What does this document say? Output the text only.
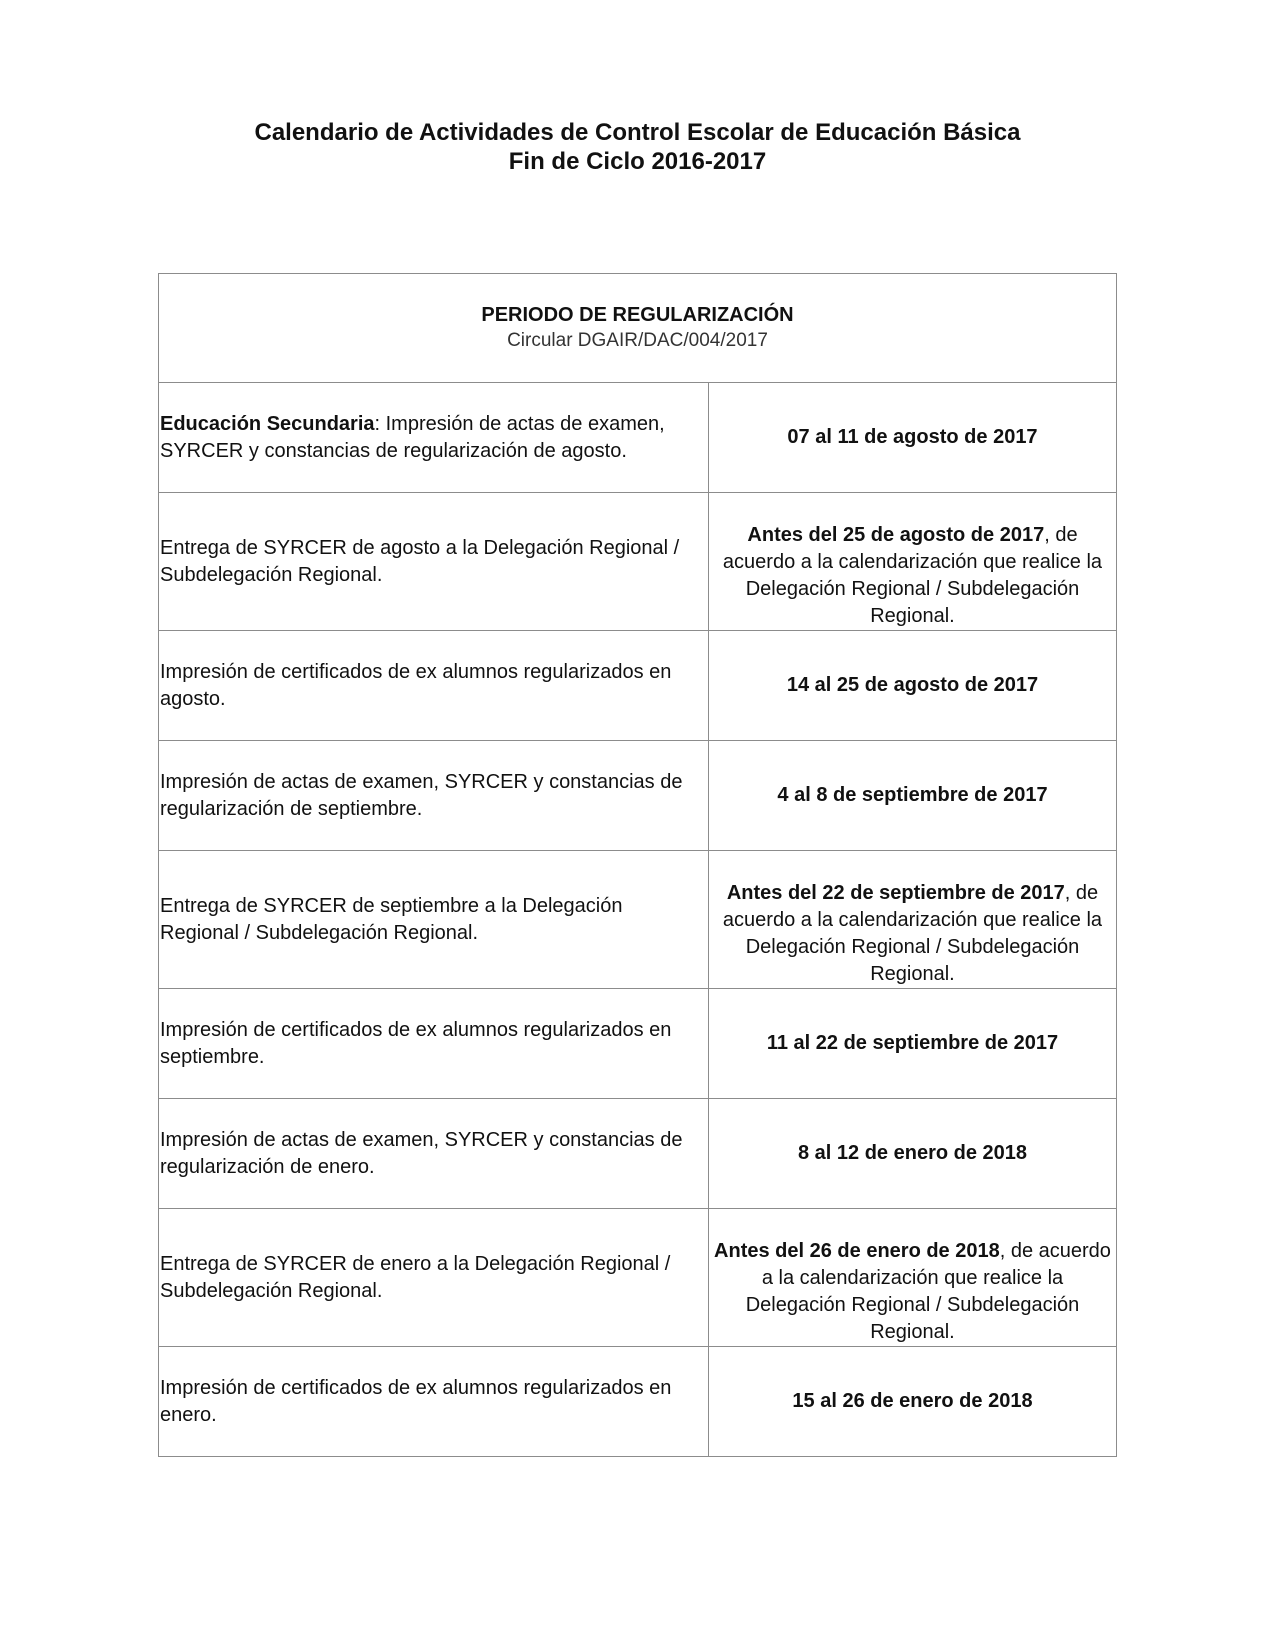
Calendario de Actividades de Control Escolar de Educación Básica
Fin de Ciclo 2016-2017
PERIODO DE REGULARIZACIÓN
Circular DGAIR/DAC/004/2017	

Educación Secundaria: Impresión de actas de examen, SYRCER y constancias de regularización de agosto.	07 al 11 de agosto de 2017
Entrega de SYRCER de agosto a la Delegación Regional / Subdelegación Regional.	Antes del 25 de agosto de 2017, de acuerdo a la calendarización que realice la Delegación Regional / Subdelegación Regional.
Impresión de certificados de ex alumnos regularizados en agosto.	14 al 25 de agosto de 2017
Impresión de actas de examen, SYRCER y constancias de regularización de septiembre.	4 al 8 de septiembre de 2017
Entrega de SYRCER de septiembre a la Delegación Regional / Subdelegación Regional.	Antes del 22 de septiembre de 2017, de acuerdo a la calendarización que realice la Delegación Regional / Subdelegación Regional.
Impresión de certificados de ex alumnos regularizados en septiembre.	11 al 22 de septiembre de 2017
Impresión de actas de examen, SYRCER y constancias de regularización de enero.	8 al 12 de enero de 2018
Entrega de SYRCER de enero a la Delegación Regional / Subdelegación Regional.	Antes del 26 de enero de 2018, de acuerdo a la calendarización que realice la Delegación Regional / Subdelegación Regional.
Impresión de certificados de ex alumnos regularizados en enero.	15 al 26 de enero de 2018
